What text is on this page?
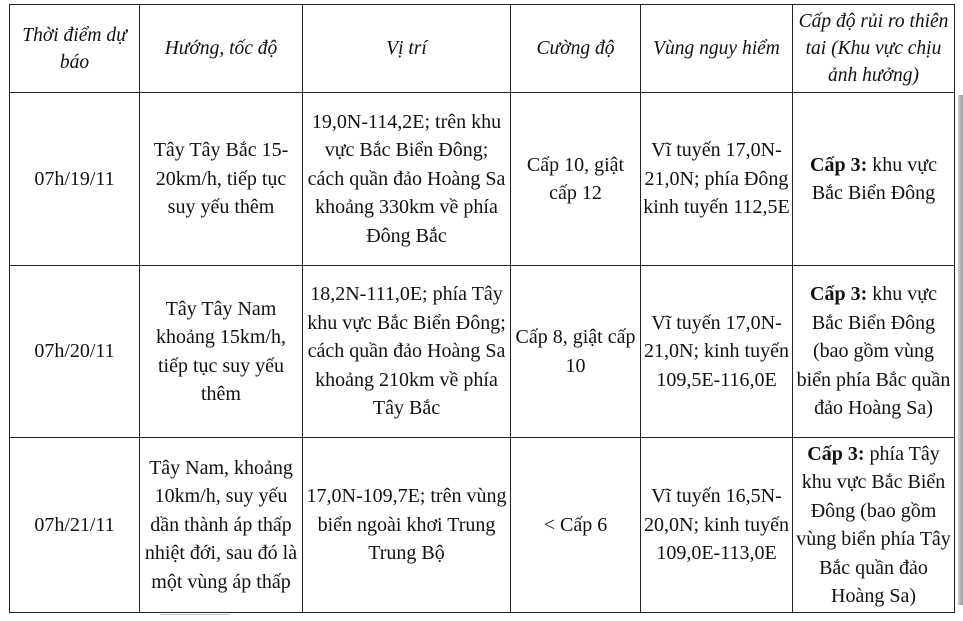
Thời điểm dự báo	Hướng, tốc độ	Vị trí	Cường độ	Vùng nguy hiểm	Cấp độ rủi ro thiên tai (Khu vực chịu ảnh hưởng)
07h/19/11	Tây Tây Bắc 15-20km/h, tiếp tục suy yếu thêm	19,0N-114,2E; trên khu vực Bắc Biển Đông; cách quần đảo Hoàng Sa khoảng 330km về phía Đông Bắc	Cấp 10, giật cấp 12	Vĩ tuyến 17,0N-21,0N; phía Đông kinh tuyến 112,5E	Cấp 3: khu vực Bắc Biển Đông
07h/20/11	Tây Tây Nam khoảng 15km/h, tiếp tục suy yếu thêm	18,2N-111,0E; phía Tây khu vực Bắc Biển Đông; cách quần đảo Hoàng Sa khoảng 210km về phía Tây Bắc	Cấp 8, giật cấp 10	Vĩ tuyến 17,0N-21,0N; kinh tuyến 109,5E-116,0E	Cấp 3: khu vực Bắc Biển Đông (bao gồm vùng biển phía Bắc quần đảo Hoàng Sa)
07h/21/11	Tây Nam, khoảng 10km/h, suy yếu dần thành áp thấp nhiệt đới, sau đó là một vùng áp thấp	17,0N-109,7E; trên vùng biển ngoài khơi Trung Trung Bộ	< Cấp 6	Vĩ tuyến 16,5N-20,0N; kinh tuyến 109,0E-113,0E	Cấp 3: phía Tây khu vực Bắc Biển Đông (bao gồm vùng biển phía Tây Bắc quần đảo Hoàng Sa)
